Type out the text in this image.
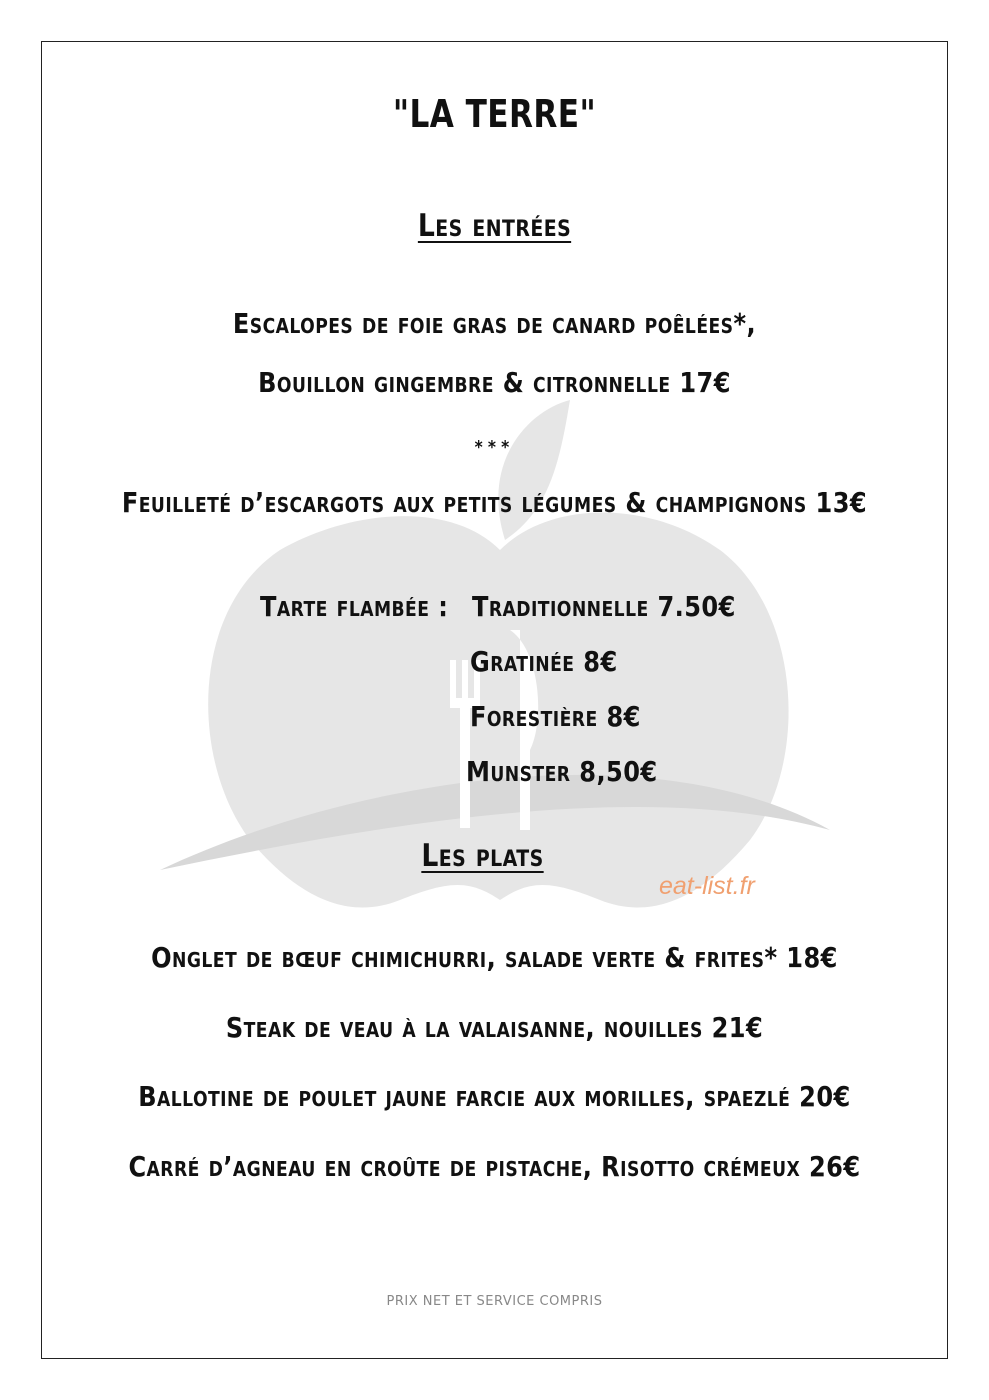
"LA TERRE"
Les entrées
Escalopes de foie gras de canard poêlées*,
Bouillon gingembre & citronnelle 17€
***
Feuilleté d’escargots aux petits légumes & champignons 13€
Tarte flambée : Traditionnelle 7.50€
Gratinée 8€
Forestière 8€
Munster 8,50€
Les plats
eat-list.fr
Onglet de bœuf chimichurri, salade verte & frites* 18€
Steak de veau à la valaisanne, nouilles 21€
Ballotine de poulet jaune farcie aux morilles, spaezlé 20€
Carré d’agneau en croûte de pistache, Risotto crémeux 26€
PRIX NET ET SERVICE COMPRIS
